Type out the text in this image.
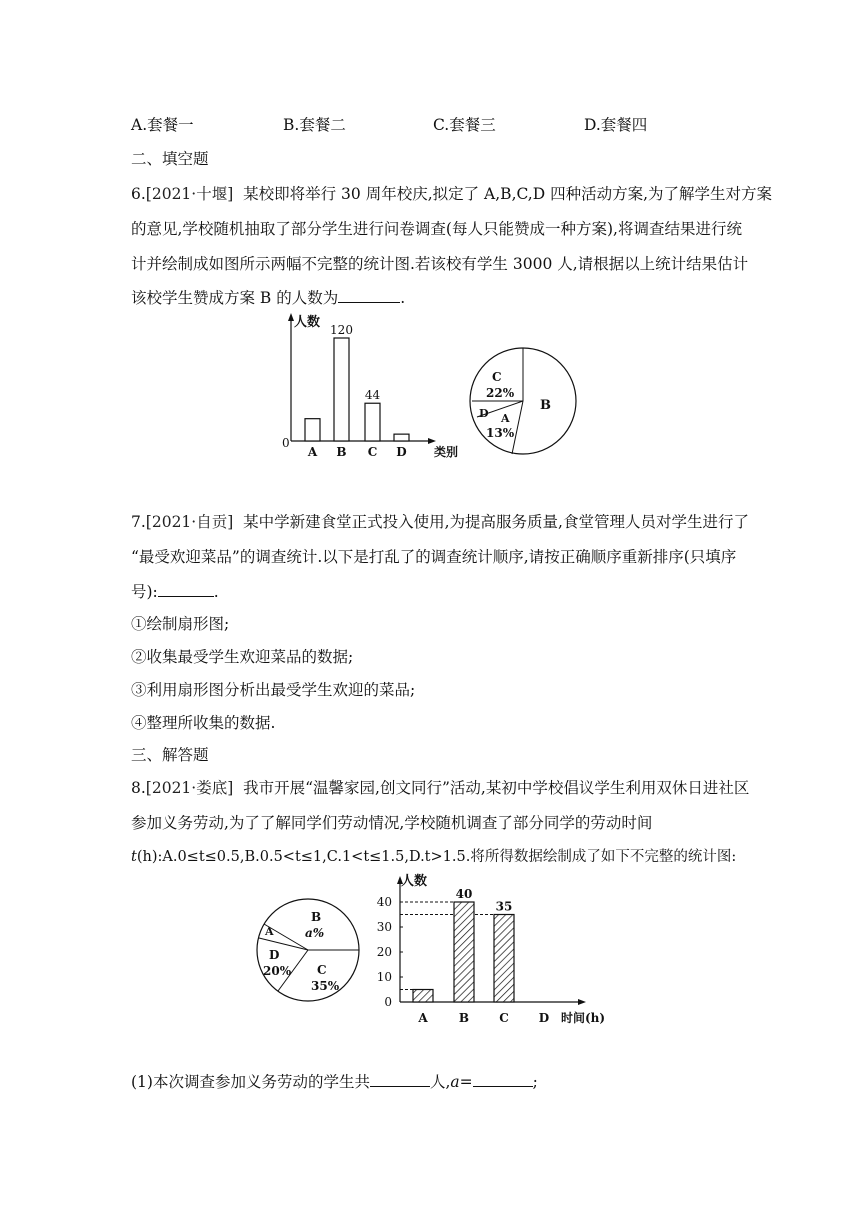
A.套餐一	B.套餐二	C.套餐三	D.套餐四
二、填空题
6.[2021·十堰] 某校即将举行 30 周年校庆,拟定了 A,B,C,D 四种活动方案,为了解学生对方案
的意见,学校随机抽取了部分学生进行问卷调查(每人只能赞成一种方案),将调查结果进行统
计并绘制成如图所示两幅不完整的统计图.若该校有学生 3000 人,请根据以上统计结果估计
该校学生赞成方案 B 的人数为	.
人数
类别
0
A B
120
C
44
D
C
22%
D A
13%
B
7.[2021·自贡] 某中学新建食堂正式投入使用,为提高服务质量,食堂管理人员对学生进行了
“最受欢迎菜品”的调查统计.以下是打乱了的调查统计顺序,请按正确顺序重新排序(只填序
号):	.
①绘制扇形图;
②收集最受学生欢迎菜品的数据;
③利用扇形图分析出最受学生欢迎的菜品;
④整理所收集的数据.
三、解答题
8.[2021·娄底] 我市开展“温馨家园,创文同行”活动,某初中学校倡议学生利用双休日进社区
参加义务劳动,为了了解同学们劳动情况,学校随机调查了部分同学的劳动时间
t(h):A.0≤t≤0.5,B.0.5<t≤1,C.1<t≤1.5,D.t>1.5.将所得数据绘制成了如下不完整的统计图:
(1)本次调查参加义务劳动的学生共	人,a=	;
B
a%
A
D
20% C
35%
人数
时间(h)
0
10
20
30
40
A	B
40
C
35
D
